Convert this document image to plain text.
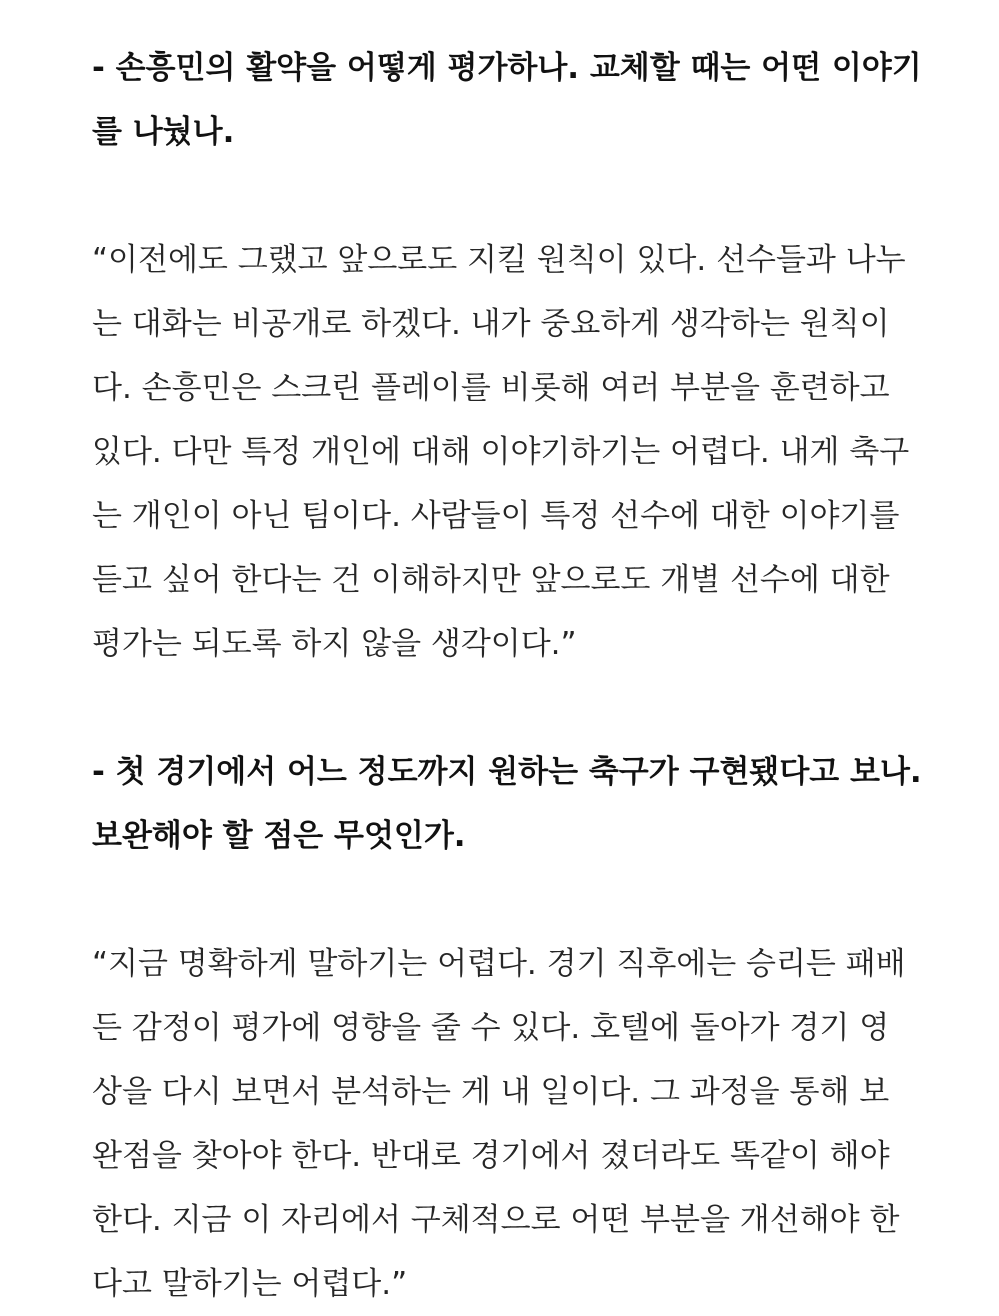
- 손흥민의 활약을 어떻게 평가하나. 교체할 때는 어떤 이야기
를 나눴나.
“이전에도 그랬고 앞으로도 지킬 원칙이 있다. 선수들과 나누
는 대화는 비공개로 하겠다. 내가 중요하게 생각하는 원칙이
다. 손흥민은 스크린 플레이를 비롯해 여러 부분을 훈련하고
있다. 다만 특정 개인에 대해 이야기하기는 어렵다. 내게 축구
는 개인이 아닌 팀이다. 사람들이 특정 선수에 대한 이야기를
듣고 싶어 한다는 건 이해하지만 앞으로도 개별 선수에 대한
평가는 되도록 하지 않을 생각이다.”
- 첫 경기에서 어느 정도까지 원하는 축구가 구현됐다고 보나.
보완해야 할 점은 무엇인가.
“지금 명확하게 말하기는 어렵다. 경기 직후에는 승리든 패배
든 감정이 평가에 영향을 줄 수 있다. 호텔에 돌아가 경기 영
상을 다시 보면서 분석하는 게 내 일이다. 그 과정을 통해 보
완점을 찾아야 한다. 반대로 경기에서 졌더라도 똑같이 해야
한다. 지금 이 자리에서 구체적으로 어떤 부분을 개선해야 한
다고 말하기는 어렵다.”
